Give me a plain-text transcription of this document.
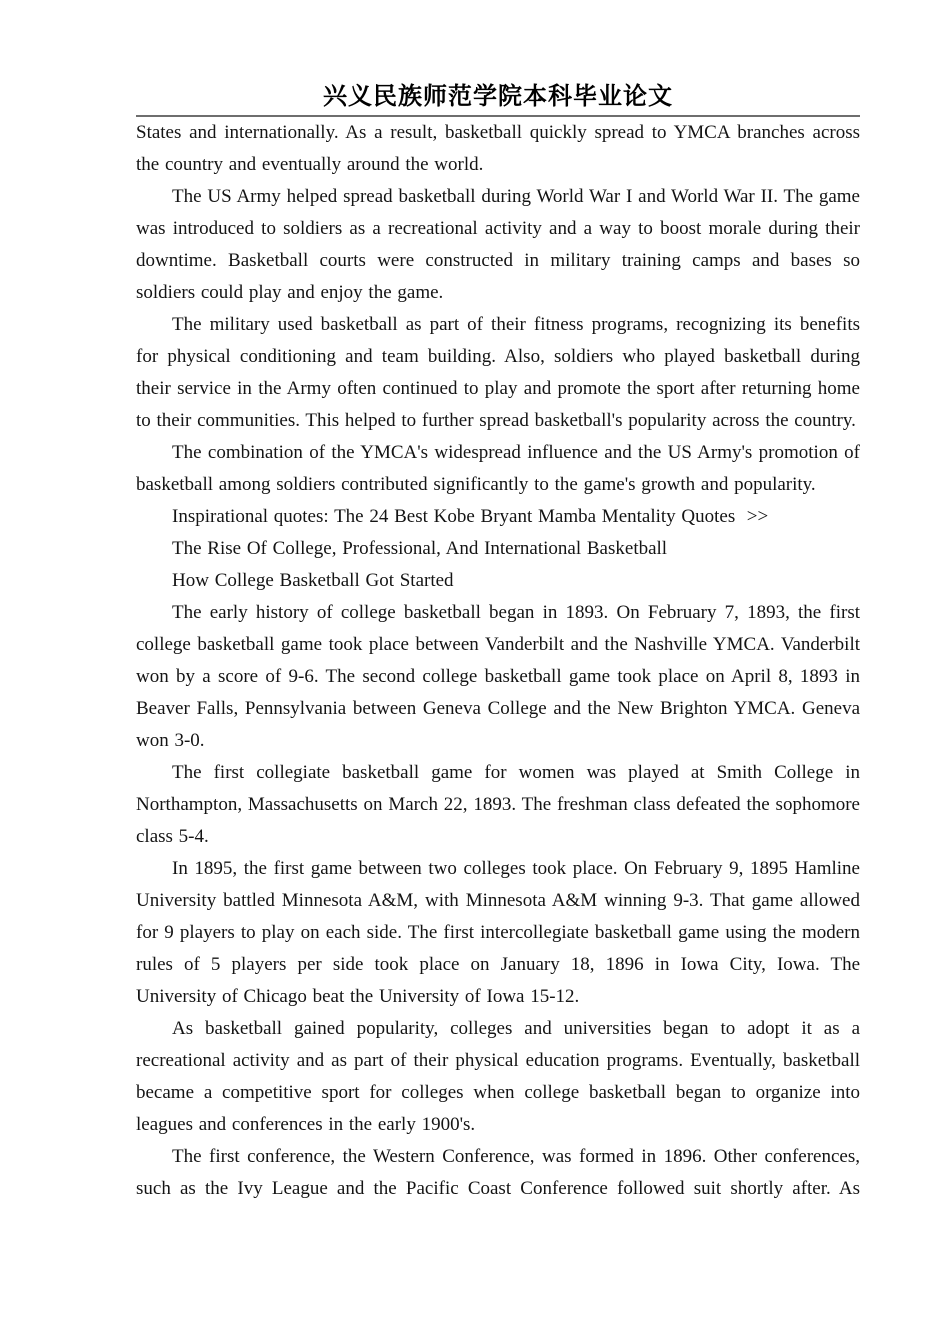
兴义民族师范学院本科毕业论文

States and internationally. As a result, basketball quickly spread to YMCA branches across the country and eventually around the world.

The US Army helped spread basketball during World War I and World War II. The game was introduced to soldiers as a recreational activity and a way to boost morale during their downtime. Basketball courts were constructed in military training camps and bases so soldiers could play and enjoy the game.

The military used basketball as part of their fitness programs, recognizing its benefits for physical conditioning and team building. Also, soldiers who played basketball during their service in the Army often continued to play and promote the sport after returning home to their communities. This helped to further spread basketball's popularity across the country.

The combination of the YMCA's widespread influence and the US Army's promotion of basketball among soldiers contributed significantly to the game's growth and popularity.

Inspirational quotes: The 24 Best Kobe Bryant Mamba Mentality Quotes  >>

The Rise Of College, Professional, And International Basketball

How College Basketball Got Started

The early history of college basketball began in 1893. On February 7, 1893, the first college basketball game took place between Vanderbilt and the Nashville YMCA. Vanderbilt won by a score of 9-6. The second college basketball game took place on April 8, 1893 in Beaver Falls, Pennsylvania between Geneva College and the New Brighton YMCA. Geneva won 3-0.

The first collegiate basketball game for women was played at Smith College in Northampton, Massachusetts on March 22, 1893. The freshman class defeated the sophomore class 5-4.

In 1895, the first game between two colleges took place. On February 9, 1895 Hamline University battled Minnesota A&M, with Minnesota A&M winning 9-3. That game allowed for 9 players to play on each side. The first intercollegiate basketball game using the modern rules of 5 players per side took place on January 18, 1896 in Iowa City, Iowa. The University of Chicago beat the University of Iowa 15-12.

As basketball gained popularity, colleges and universities began to adopt it as a recreational activity and as part of their physical education programs. Eventually, basketball became a competitive sport for colleges when college basketball began to organize into leagues and conferences in the early 1900's.

The first conference, the Western Conference, was formed in 1896. Other conferences, such as the Ivy League and the Pacific Coast Conference followed suit shortly after. As
